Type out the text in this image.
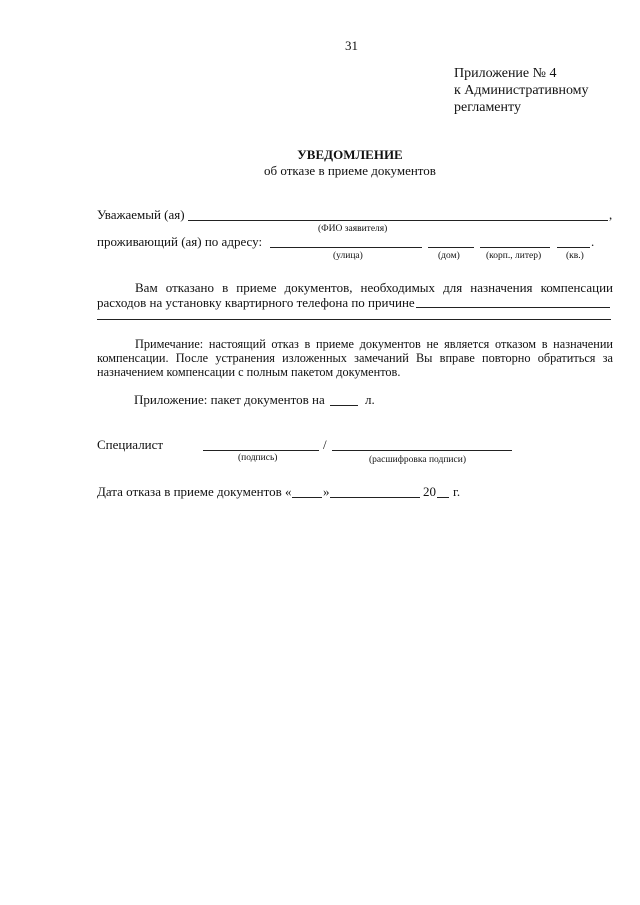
31
Приложение № 4
к Административному
регламенту
УВЕДОМЛЕНИЕ
об отказе в приеме документов
Уважаемый (ая)	,
(ФИО заявителя)
проживающий (ая) по адресу:	.
(улица)	(дом)	(корп., литер)	(кв.)
Вам отказано в приеме документов, необходимых для назначения компенсации
расходов на установку квартирного телефона по причине
Примечание: настоящий отказ в приеме документов не является отказом в назначении
компенсации. После устранения изложенных замечаний Вы вправе повторно обратиться за
назначением компенсации с полным пакетом документов.
Приложение: пакет документов на	л.
Специалист	/
(подпись)	(расшифровка подписи)
Дата отказа в приеме документов « »	20 г.
